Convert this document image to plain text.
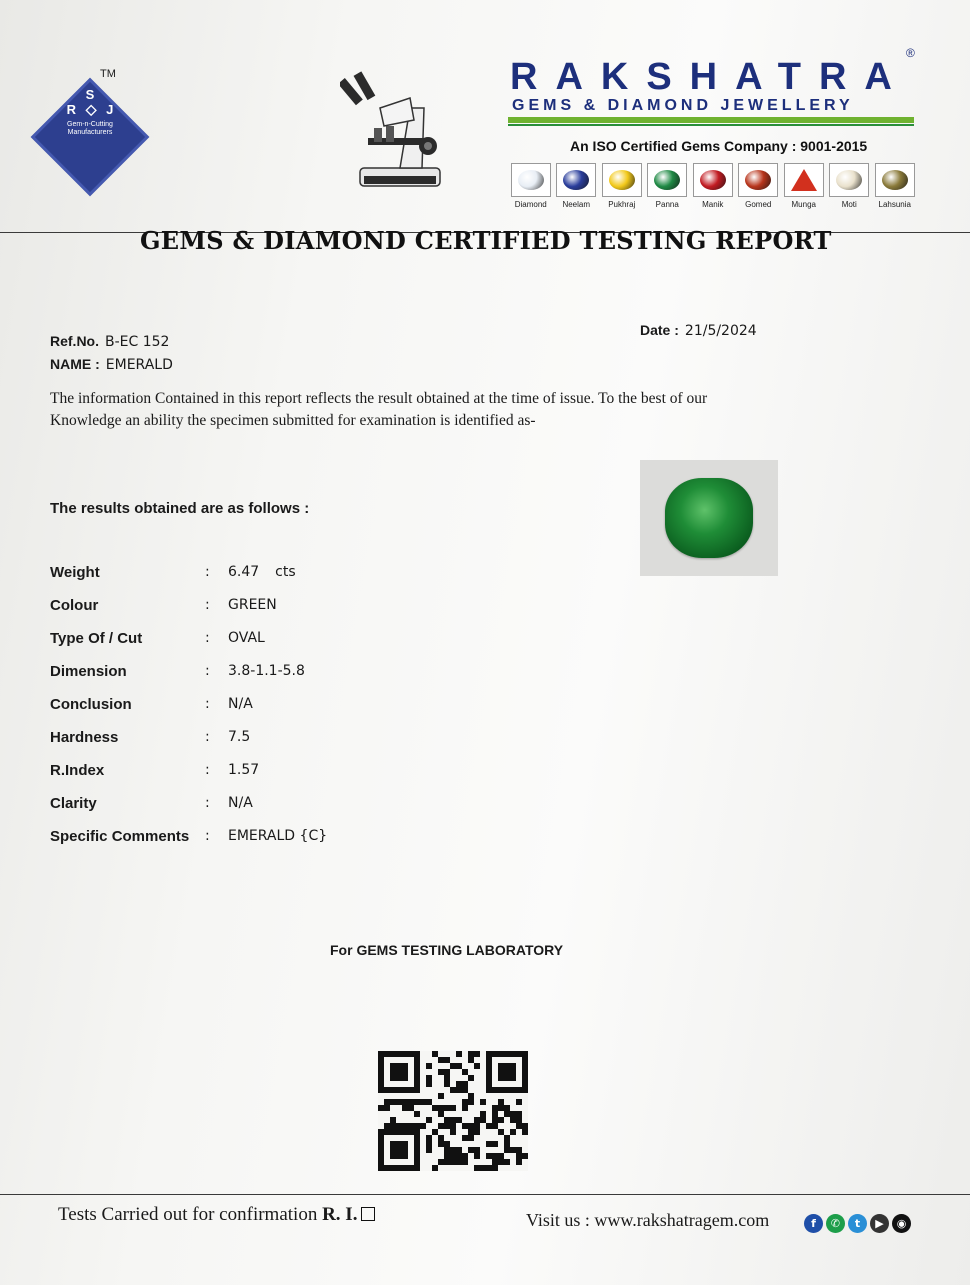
TM
S
R ◇ J
Gem-n-Cutting Manufacturers
RAKSHATRA
®
GEMS & DIAMOND JEWELLERY
An ISO Certified Gems Company : 9001-2015
Diamond	Neelam	Pukhraj	Panna	Manik	Gomed	Munga	Moti	Lahsunia
GEMS & DIAMOND CERTIFIED TESTING REPORT
Ref.No. B-EC 152
NAME : EMERALD
Date : 21/5/2024
The information Contained in this report reflects the result obtained at the time of issue. To the best of our
Knowledge an ability the specimen submitted for examination is identified as-
The results obtained are as follows :
Weight	: 6.47 cts
Colour	: GREEN
Type Of / Cut	: OVAL
Dimension	: 3.8-1.1-5.8
Conclusion	: N/A
Hardness	: 7.5
R.Index	: 1.57
Clarity	: N/A
Specific Comments : EMERALD {C}
For GEMS TESTING LABORATORY
Tests Carried out for confirmation R. I.	Visit us : www.rakshatragem.com	f	✆	t	▶	◉
